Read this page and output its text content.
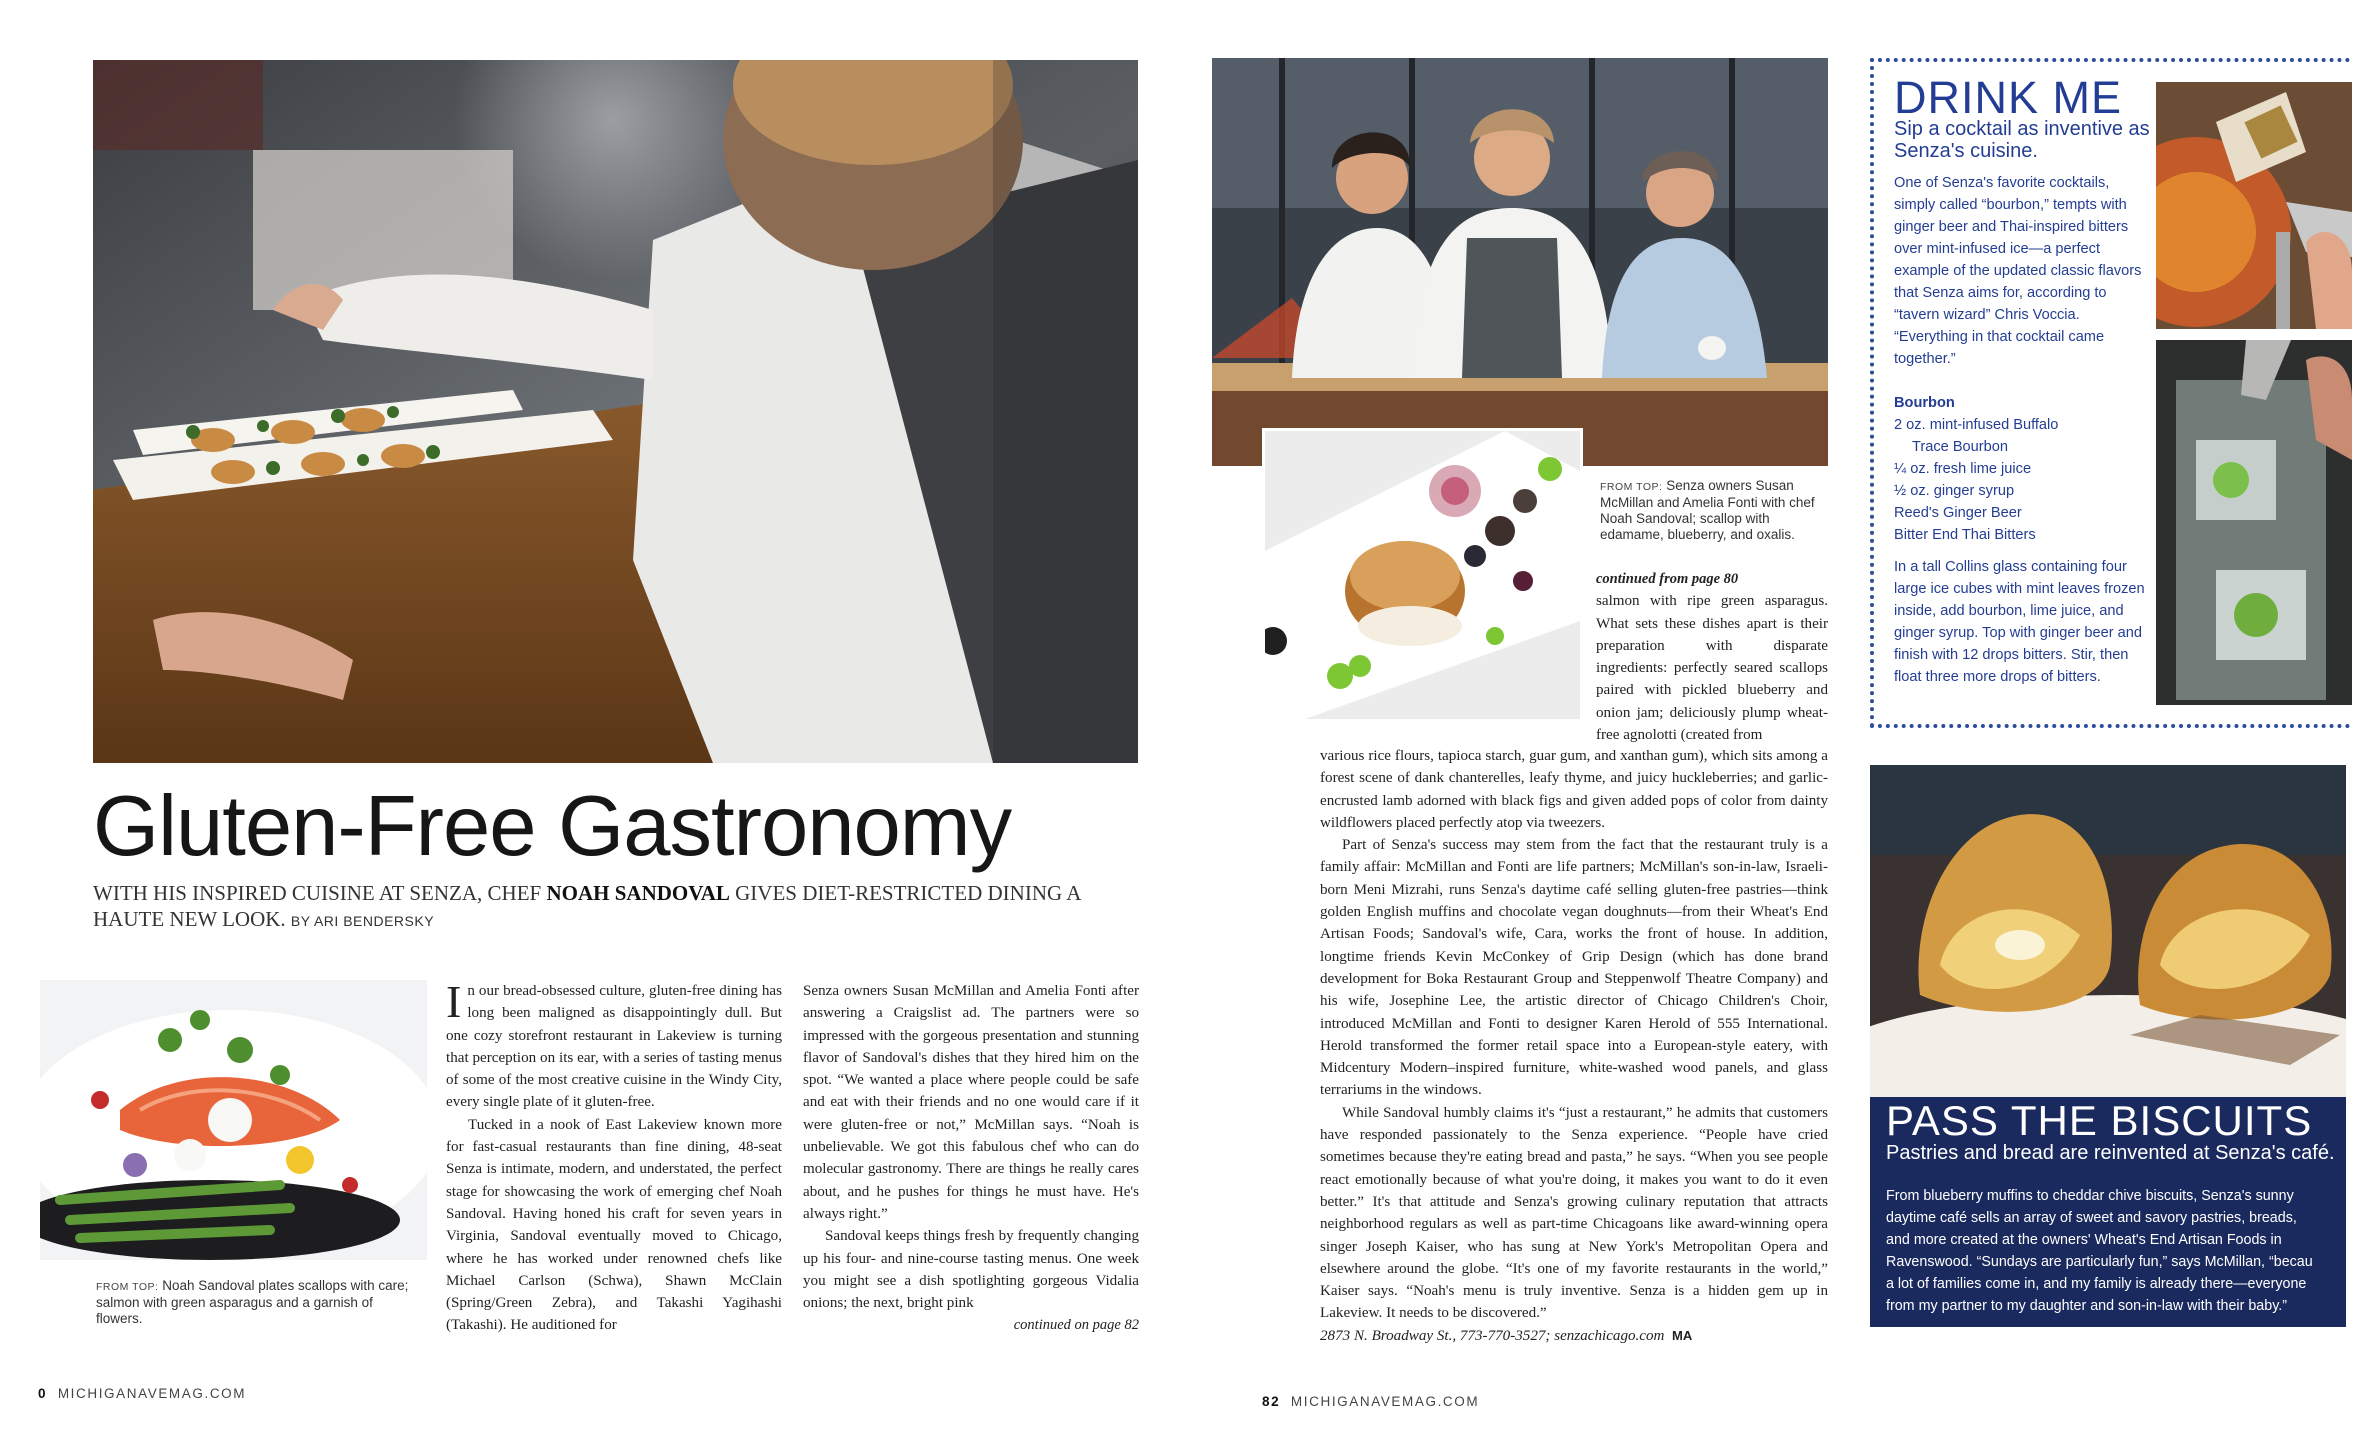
Gluten-Free Gastronomy
WITH HIS INSPIRED CUISINE AT SENZA, CHEF NOAH SANDOVAL GIVES DIET-RESTRICTED DINING A HAUTE NEW LOOK. BY ARI BENDERSKY
FROM TOP: Noah Sandoval plates scallops with care; salmon with green asparagus and a garnish of flowers.

In our bread-obsessed culture, gluten-free dining has long been maligned as disappointingly dull. But one cozy storefront restaurant in Lakeview is turning that perception on its ear, with a series of tasting menus of some of the most creative cuisine in the Windy City, every single plate of it gluten-free.

Tucked in a nook of East Lakeview known more for fast-casual restaurants than fine dining, 48-seat Senza is intimate, modern, and understated, the perfect stage for showcasing the work of emerging chef Noah Sandoval. Having honed his craft for seven years in Virginia, Sandoval eventually moved to Chicago, where he has worked under renowned chefs like Michael Carlson (Schwa), Shawn McClain (Spring/Green Zebra), and Takashi Yagihashi (Takashi). He auditioned for

Senza owners Susan McMillan and Amelia Fonti after answering a Craigslist ad. The partners were so impressed with the gorgeous presentation and stunning flavor of Sandoval's dishes that they hired him on the spot. “We wanted a place where people could be safe and eat with their friends and no one would care if it were gluten-free or not,” McMillan says. “Noah is unbelievable. We got this fabulous chef who can do molecular gastronomy. There are things he really cares about, and he pushes for things he must have. He's always right.”

Sandoval keeps things fresh by frequently changing up his four- and nine-course tasting menus. One week you might see a dish spotlighting gorgeous Vidalia onions; the next, bright pink

continued on page 82

0 MICHIGANAVEMAG.COM
FROM TOP: Senza owners Susan McMillan and Amelia Fonti with chef Noah Sandoval; scallop with edamame, blueberry, and oxalis.
continued from page 80

salmon with ripe green asparagus. What sets these dishes apart is their preparation with disparate ingredients: perfectly seared scallops paired with pickled blueberry and onion jam; deliciously plump wheat-free agnolotti (created from

various rice flours, tapioca starch, guar gum, and xanthan gum), which sits among a forest scene of dank chanterelles, leafy thyme, and juicy huckleberries; and garlic-encrusted lamb adorned with black figs and given added pops of color from dainty wildflowers placed perfectly atop via tweezers.

Part of Senza's success may stem from the fact that the restaurant truly is a family affair: McMillan and Fonti are life partners; McMillan's son-in-law, Israeli-born Meni Mizrahi, runs Senza's daytime café selling gluten-free pastries—think golden English muffins and chocolate vegan doughnuts—from their Wheat's End Artisan Foods; Sandoval's wife, Cara, works the front of house. In addition, longtime friends Kevin McConkey of Grip Design (which has done brand development for Boka Restaurant Group and Steppenwolf Theatre Company) and his wife, Josephine Lee, the artistic director of Chicago Children's Choir, introduced McMillan and Fonti to designer Karen Herold of 555 International. Herold transformed the former retail space into a European-style eatery, with Midcentury Modern–inspired furniture, white-washed wood panels, and glass terrariums in the windows.

While Sandoval humbly claims it's “just a restaurant,” he admits that customers have responded passionately to the Senza experience. “People have cried sometimes because they're eating bread and pasta,” he says. “When you see people react emotionally because of what you're doing, it makes you want to do it even better.” It's that attitude and Senza's growing culinary reputation that attracts neighborhood regulars as well as part-time Chicagoans like award-winning opera singer Joseph Kaiser, who has sung at New York's Metropolitan Opera and elsewhere around the globe. “It's one of my favorite restaurants in the world,” Kaiser says. “Noah's menu is truly inventive. Senza is a hidden gem up in Lakeview. It needs to be discovered.”

2873 N. Broadway St., 773-770-3527; senzachicago.com MA

82 MICHIGANAVEMAG.COM
DRINK ME
Sip a cocktail as inventive as Senza's cuisine.
One of Senza's favorite cocktails, simply called “bourbon,” tempts with ginger beer and Thai-inspired bitters over mint-infused ice—a perfect example of the updated classic flavors that Senza aims for, according to “tavern wizard” Chris Voccia. “Everything in that cocktail came together.”
Bourbon
2 oz. mint-infused Buffalo
Trace Bourbon
¼ oz. fresh lime juice
½ oz. ginger syrup
Reed's Ginger Beer
Bitter End Thai Bitters
In a tall Collins glass containing four large ice cubes with mint leaves frozen inside, add bourbon, lime juice, and ginger syrup. Top with ginger beer and finish with 12 drops bitters. Stir, then float three more drops of bitters.
PASS THE BISCUITS
Pastries and bread are reinvented at Senza's café.
From blueberry muffins to cheddar chive biscuits, Senza's sunny
daytime café sells an array of sweet and savory pastries, breads,
and more created at the owners' Wheat's End Artisan Foods in
Ravenswood. “Sundays are particularly fun,” says McMillan, “becau
a lot of families come in, and my family is already there—everyone
from my partner to my daughter and son-in-law with their baby.”
